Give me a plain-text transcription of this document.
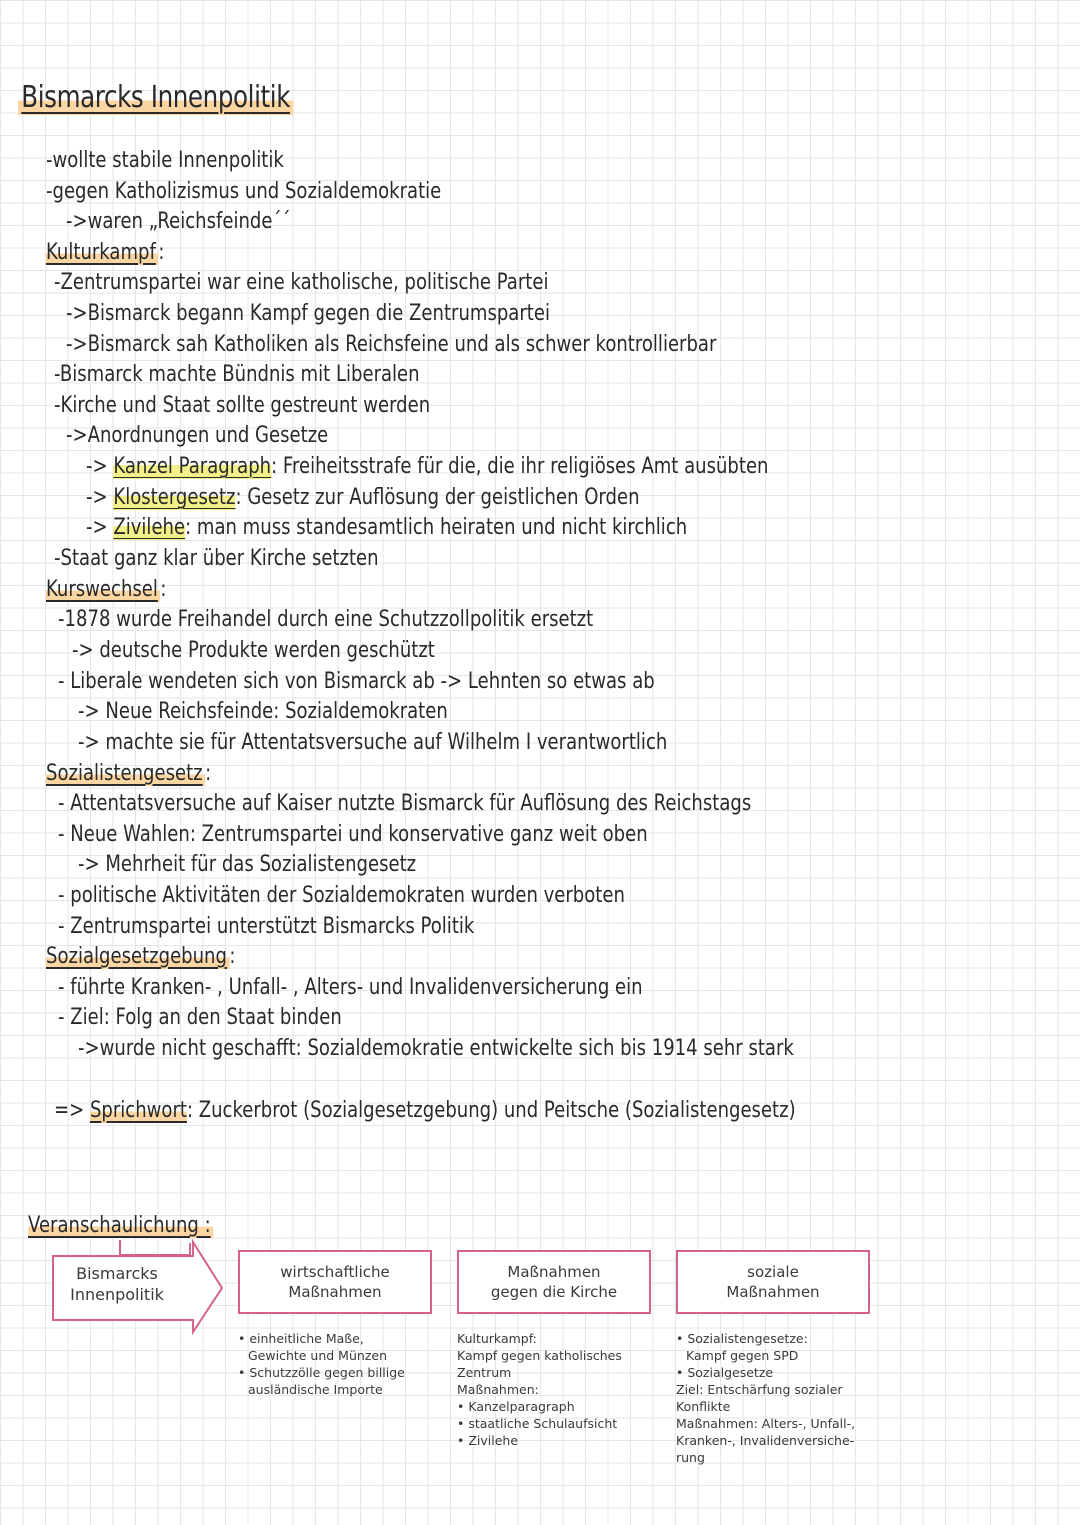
Bismarcks Innenpolitik
-wollte stabile Innenpolitik
-gegen Katholizismus und Sozialdemokratie
->waren „Reichsfeinde´´
Kulturkampf :
-Zentrumspartei war eine katholische, politische Partei
->Bismarck begann Kampf gegen die Zentrumspartei
->Bismarck sah Katholiken als Reichsfeine und als schwer kontrollierbar
-Bismarck machte Bündnis mit Liberalen
-Kirche und Staat sollte gestreunt werden
->Anordnungen und Gesetze
-> Kanzel Paragraph: Freiheitsstrafe für die, die ihr religiöses Amt ausübten
-> Klostergesetz: Gesetz zur Auflösung der geistlichen Orden
-> Zivilehe: man muss standesamtlich heiraten und nicht kirchlich
-Staat ganz klar über Kirche setzten
Kurswechsel :
-1878 wurde Freihandel durch eine Schutzzollpolitik ersetzt
-> deutsche Produkte werden geschützt
- Liberale wendeten sich von Bismarck ab -> Lehnten so etwas ab
-> Neue Reichsfeinde: Sozialdemokraten
-> machte sie für Attentatsversuche auf Wilhelm I verantwortlich
Sozialistengesetz :
- Attentatsversuche auf Kaiser nutzte Bismarck für Auflösung des Reichstags
- Neue Wahlen: Zentrumspartei und konservative ganz weit oben
-> Mehrheit für das Sozialistengesetz
- politische Aktivitäten der Sozialdemokraten wurden verboten
- Zentrumspartei unterstützt Bismarcks Politik
Sozialgesetzgebung :
- führte Kranken- , Unfall- , Alters- und Invalidenversicherung ein
- Ziel: Folg an den Staat binden
->wurde nicht geschafft: Sozialdemokratie entwickelte sich bis 1914 sehr stark
=> Sprichwort: Zuckerbrot (Sozialgesetzgebung) und Peitsche (Sozialistengesetz)
Veranschaulichung :
Bismarcks
Innenpolitik
wirtschaftliche
Maßnahmen
Maßnahmen
gegen die Kirche
soziale
Maßnahmen
• einheitliche Maße,
Gewichte und Münzen
• Schutzzölle gegen billige
ausländische Importe
Kulturkampf:
Kampf gegen katholisches
Zentrum
Maßnahmen:
• Kanzelparagraph
• staatliche Schulaufsicht
• Zivilehe
• Sozialistengesetze:
Kampf gegen SPD
• Sozialgesetze
Ziel: Entschärfung sozialer
Konflikte
Maßnahmen: Alters-, Unfall-,
Kranken-, Invalidenversiche-
rung
